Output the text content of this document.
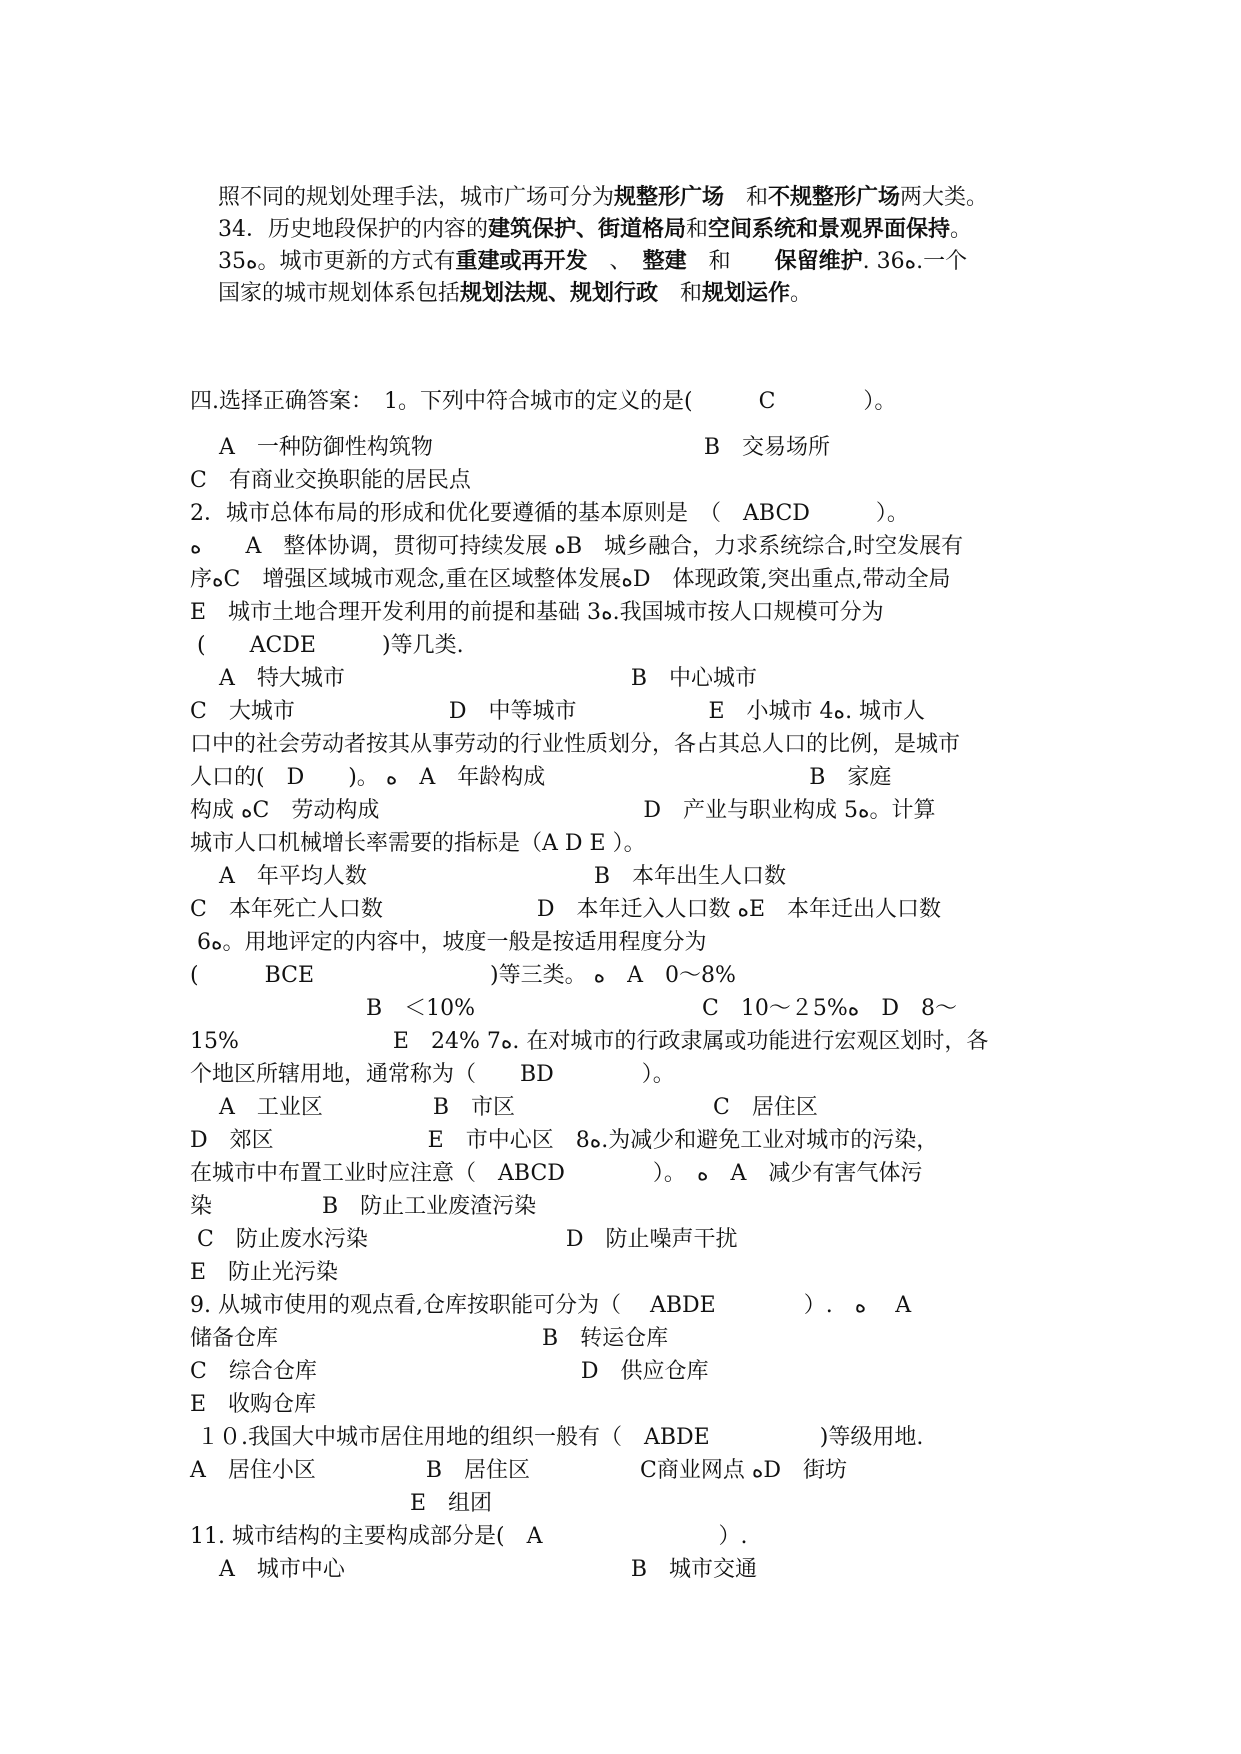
照不同的规划处理手法，城市广场可分为规整形广场　和不规整形广场两大类。

34．历史地段保护的内容的建筑保护、街道格局和空间系统和景观界面保持。

35ﻩ。城市更新的方式有重建或再开发　、　整建　和　　保留维护. 36ﻩ.一个

国家的城市规划体系包括规划法规、规划行政　和规划运作。

四.选择正确答案：　1。下列中符合城市的定义的是(　　　C　　　　）。
　 A　一种防御性构筑物　　　　　　　　　　　　 B　交易场所
C　有商业交换职能的居民点
2．城市总体布局的形成和优化要遵循的基本原则是　（　ABCD　　　）。
ﻩ　　A　整体协调，贯彻可持续发展 ﻩB　城乡融合，力求系统综合,时空发展有
序ﻩC　增强区域城市观念,重在区域整体发展ﻩD　体现政策,突出重点,带动全局
E　城市土地合理开发利用的前提和基础 3ﻩ.我国城市按人口规模可分为
(　　ACDE　　　)等几类.
　 A　特大城市　　　　　　　　　　　　　B　中心城市
C　大城市　　　　　　　D　中等城市　　　　　　E　小城市 4ﻩ. 城市人
口中的社会劳动者按其从事劳动的行业性质划分，各占其总人口的比例，是城市
人口的(　D　　)。 ﻩ　A　年龄构成　　　　　　　　　　　　B　家庭
构成 ﻩC　劳动构成　　　　　　　　　　　　D　产业与职业构成 5ﻩ。计算
城市人口机械增长率需要的指标是（A D E ）。
　 A　年平均人数　　　　　　　　　　 B　本年出生人口数
C　本年死亡人口数　　　　　　　D　本年迁入人口数 ﻩE　本年迁出人口数
6ﻩ。用地评定的内容中，坡度一般是按适用程度分为
(　　　BCE　　　　　　　　)等三类。 ﻩ　A　0～8%
　　　　　　　　B　＜10%　　　　　　　　　　 C　10～２5%ﻩ　D　8～
15%　　　　　　　E　24% 7ﻩ. 在对城市的行政隶属或功能进行宏观区划时，各
个地区所辖用地，通常称为（　　BD　　　　）。
　 A　工业区　　　　　B　市区　　　　　　　　　C　居住区
D　郊区　　　　　　　E　市中心区　8ﻩ.为减少和避免工业对城市的污染，
在城市中布置工业时应注意（　ABCD　　　　）。　ﻩ　A　减少有害气体污
染　　　　　B　防止工业废渣污染
C　防止废水污染　　　　　　　　　D　防止噪声干扰
E　防止光污染
9. 从城市使用的观点看,仓库按职能可分为（　 ABDE　　　　）.　ﻩ　 A
储备仓库　　　　　　　　　　　　B　转运仓库
C　综合仓库　　　　　　　　　　　　D　供应仓库
E　收购仓库
１０.我国大中城市居住用地的组织一般有（　ABDE　　　　　)等级用地.
A　居住小区　　　　　B　居住区　　　　　C商业网点 ﻩD　街坊
　　　　　　　　　　E　组团
11. 城市结构的主要构成部分是(　A　　　　　　　　）.
　 A　城市中心　　　　　　　　　　　　　B　城市交通
